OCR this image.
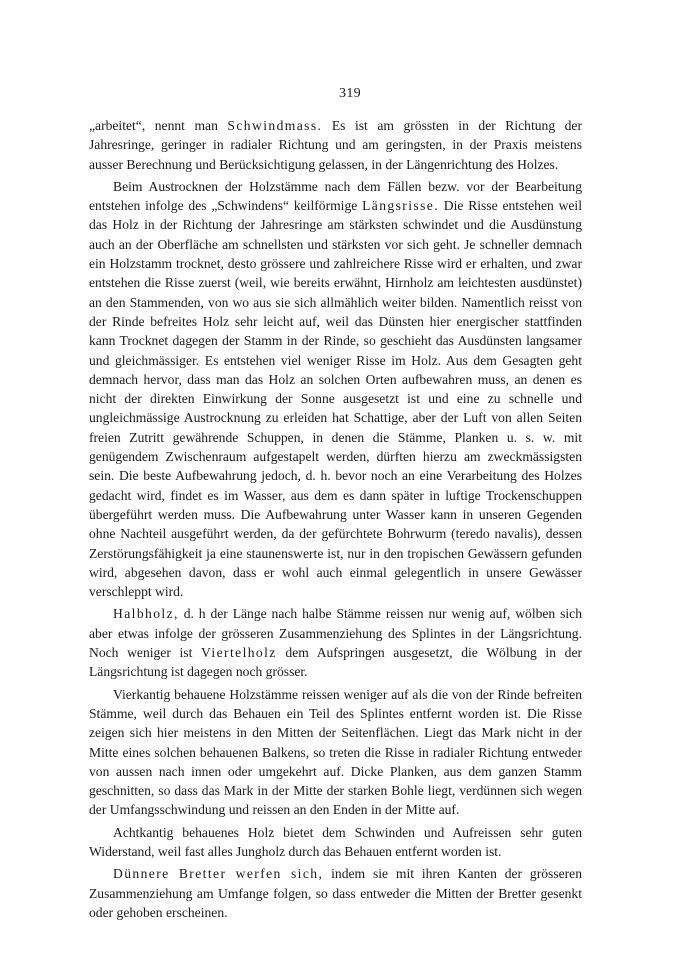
319

„arbeitet“, nennt man Schwindmass. Es ist am grössten in der Richtung der Jahresringe, geringer in radialer Richtung und am geringsten, in der Praxis meistens ausser Berechnung und Berücksichtigung gelassen, in der Längenrichtung des Holzes.

Beim Austrocknen der Holzstämme nach dem Fällen bezw. vor der Bearbeitung entstehen infolge des „Schwindens“ keilförmige Längsrisse. Die Risse entstehen weil das Holz in der Richtung der Jahresringe am stärksten schwindet und die Ausdünstung auch an der Oberfläche am schnellsten und stärksten vor sich geht. Je schneller demnach ein Holzstamm trocknet, desto grössere und zahlreichere Risse wird er erhalten, und zwar entstehen die Risse zuerst (weil, wie bereits erwähnt, Hirnholz am leichtesten ausdünstet) an den Stammenden, von wo aus sie sich allmählich weiter bilden. Namentlich reisst von der Rinde befreites Holz sehr leicht auf, weil das Dünsten hier energischer stattfinden kann Trocknet dagegen der Stamm in der Rinde, so geschieht das Ausdünsten langsamer und gleichmässiger. Es entstehen viel weniger Risse im Holz. Aus dem Gesagten geht demnach hervor, dass man das Holz an solchen Orten aufbewahren muss, an denen es nicht der direkten Einwirkung der Sonne ausgesetzt ist und eine zu schnelle und ungleichmässige Austrocknung zu erleiden hat Schattige, aber der Luft von allen Seiten freien Zutritt gewährende Schuppen, in denen die Stämme, Planken u. s. w. mit genügendem Zwischenraum aufgestapelt werden, dürften hierzu am zweckmässigsten sein. Die beste Aufbewahrung jedoch, d. h. bevor noch an eine Verarbeitung des Holzes gedacht wird, findet es im Wasser, aus dem es dann später in luftige Trockenschuppen übergeführt werden muss. Die Aufbewahrung unter Wasser kann in unseren Gegenden ohne Nachteil ausgeführt werden, da der gefürchtete Bohrwurm (teredo navalis), dessen Zerstörungsfähigkeit ja eine staunenswerte ist, nur in den tropischen Gewässern gefunden wird, abgesehen davon, dass er wohl auch einmal gelegentlich in unsere Gewässer verschleppt wird.

Halbholz, d. h der Länge nach halbe Stämme reissen nur wenig auf, wölben sich aber etwas infolge der grösseren Zusammenziehung des Splintes in der Längsrichtung. Noch weniger ist Viertelholz dem Aufspringen ausgesetzt, die Wölbung in der Längsrichtung ist dagegen noch grösser.

Vierkantig behauene Holzstämme reissen weniger auf als die von der Rinde befreiten Stämme, weil durch das Behauen ein Teil des Splintes entfernt worden ist. Die Risse zeigen sich hier meistens in den Mitten der Seitenflächen. Liegt das Mark nicht in der Mitte eines solchen behauenen Balkens, so treten die Risse in radialer Richtung entweder von aussen nach innen oder umgekehrt auf. Dicke Planken, aus dem ganzen Stamm geschnitten, so dass das Mark in der Mitte der starken Bohle liegt, verdünnen sich wegen der Umfangsschwindung und reissen an den Enden in der Mitte auf.

Achtkantig behauenes Holz bietet dem Schwinden und Aufreissen sehr guten Widerstand, weil fast alles Jungholz durch das Behauen entfernt worden ist.

Dünnere Bretter werfen sich, indem sie mit ihren Kanten der grösseren Zusammenziehung am Umfange folgen, so dass entweder die Mitten der Bretter gesenkt oder gehoben erscheinen.
